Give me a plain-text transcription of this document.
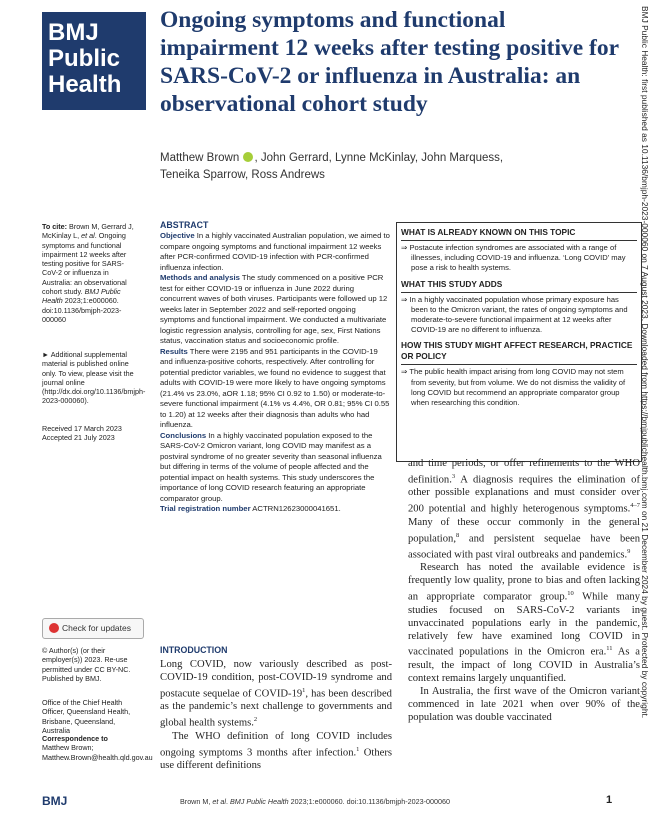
BMJ
Public
Health
Ongoing symptoms and functional impairment 12 weeks after testing positive for SARS-CoV-2 or influenza in Australia: an observational cohort study
Matthew Brown , John Gerrard, Lynne McKinlay, John Marquess,
Teneika Sparrow, Ross Andrews
To cite: Brown M, Gerrard J, McKinlay L, et al. Ongoing symptoms and functional impairment 12 weeks after testing positive for SARS-CoV-2 or influenza in Australia: an observational cohort study. BMJ Public Health 2023;1:e000060. doi:10.1136/bmjph-2023-000060
► Additional supplemental material is published online only. To view, please visit the journal online (http://dx.doi.org/10.1136/bmjph-2023-000060).
Received 17 March 2023
Accepted 21 July 2023
Check for updates
© Author(s) (or their employer(s)) 2023. Re-use permitted under CC BY-NC. Published by BMJ.
Office of the Chief Health Officer, Queensland Health, Brisbane, Queensland, Australia
Correspondence to
Matthew Brown; Matthew.Brown@health.qld.gov.au
ABSTRACT

Objective In a highly vaccinated Australian population, we aimed to compare ongoing symptoms and functional impairment 12 weeks after PCR-confirmed COVID-19 infection with PCR-confirmed influenza infection.

Methods and analysis The study commenced on a positive PCR test for either COVID-19 or influenza in June 2022 during concurrent waves of both viruses. Participants were followed up 12 weeks later in September 2022 and self-reported ongoing symptoms and functional impairment. We conducted a multivariate logistic regression analysis, controlling for age, sex, First Nations status, vaccination status and socioeconomic profile.

Results There were 2195 and 951 participants in the COVID-19 and influenza-positive cohorts, respectively. After controlling for potential predictor variables, we found no evidence to suggest that adults with COVID-19 were more likely to have ongoing symptoms (21.4% vs 23.0%, aOR 1.18; 95% CI 0.92 to 1.50) or moderate-to-severe functional impairment (4.1% vs 4.4%, OR 0.81; 95% CI 0.55 to 1.20) at 12 weeks after their diagnosis than adults who had influenza.

Conclusions In a highly vaccinated population exposed to the SARS-CoV-2 Omicron variant, long COVID may manifest as a postviral syndrome of no greater severity than seasonal influenza but differing in terms of the volume of people affected and the potential impact on health systems. This study underscores the importance of long COVID research featuring an appropriate comparator group.

Trial registration number ACTRN12623000041651.

WHAT IS ALREADY KNOWN ON THIS TOPIC
⇒ Postacute infection syndromes are associated with a range of illnesses, including COVID-19 and influenza. ‘Long COVID’ may pose a risk to health systems.
WHAT THIS STUDY ADDS
⇒ In a highly vaccinated population whose primary exposure has been to the Omicron variant, the rates of ongoing symptoms and moderate-to-severe functional impairment at 12 weeks after COVID-19 are no different to influenza.
HOW THIS STUDY MIGHT AFFECT RESEARCH, PRACTICE OR POLICY
⇒ The public health impact arising from long COVID may not stem from severity, but from volume. We do not dismiss the validity of long COVID but recommend an appropriate comparator group when researching this condition.
INTRODUCTION

Long COVID, now variously described as post-COVID-19 condition, post-COVID-19 syndrome and postacute sequelae of COVID-$19^1$, has been described as the pandemic’s next challenge to governments and global health systems.$^2$

The WHO definition of long COVID includes ongoing symptoms 3 months after infection.$^1$ Others use different definitions

and time periods, or offer refinements to the WHO definition.$^3$ A diagnosis requires the elimination of other possible explanations and must consider over 200 potential and highly heterogenous symptoms.$^{4-7}$ Many of these occur commonly in the general population,$^8$ and persistent sequelae have been associated with past viral outbreaks and pandemics.$^9$

Research has noted the available evidence is frequently low quality, prone to bias and often lacking an appropriate comparator group.$^{10}$ While many studies focused on SARS-CoV-2 variants in unvaccinated populations early in the pandemic, relatively few have examined long COVID in vaccinated populations in the Omicron era.$^{11}$ As a result, the impact of long COVID in Australia’s context remains largely unquantified.

In Australia, the first wave of the Omicron variant commenced in late 2021 when over 90% of the population was double vaccinated

BMJ	Brown M, et al. BMJ Public Health 2023;1:e000060. doi:10.1136/bmjph-2023-000060	1
BMJ Public Health: first published as 10.1136/bmjph-2023-000060 on 7 August 2023. Downloaded from https://bmjpublichealth.bmj.com on 21 December 2024 by guest. Protected by copyright.
